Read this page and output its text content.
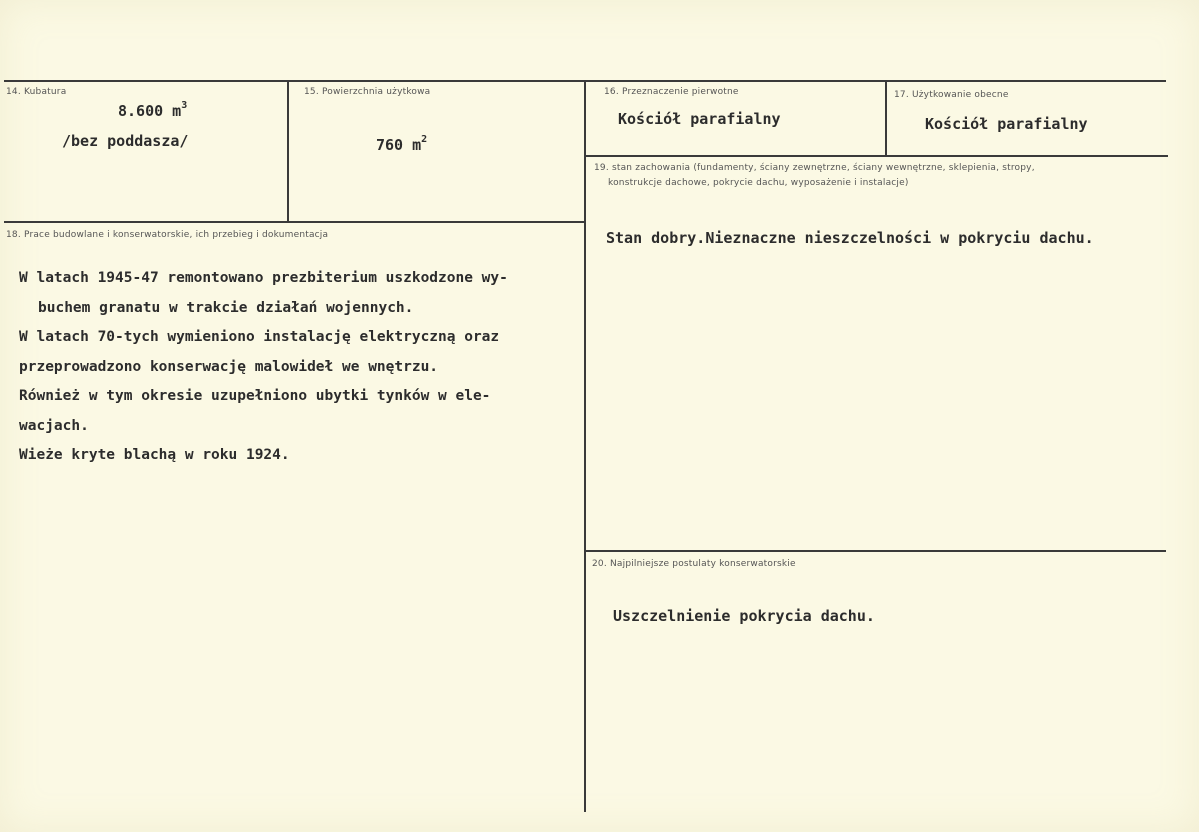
14. Kubatura
8.600 $m^3$
/bez poddasza/
15. Powierzchnia użytkowa
760 $m^2$
16. Przeznaczenie pierwotne
Kościół parafialny
17. Użytkowanie obecne
Kościół parafialny
18. Prace budowlane i konserwatorskie, ich przebieg i dokumentacja
W latach 1945-47 remontowano prezbiterium uszkodzone wy-
buchem granatu w trakcie działań wojennych.
W latach 70-tych wymieniono instalację elektryczną oraz
przeprowadzono konserwację malowideł we wnętrzu.
Również w tym okresie uzupełniono ubytki tynków w ele-
wacjach.
Wieże kryte blachą w roku 1924.
19. stan zachowania (fundamenty, ściany zewnętrzne, ściany wewnętrzne, sklepienia, stropy,
konstrukcje dachowe, pokrycie dachu, wyposażenie i instalacje)
Stan dobry.Nieznaczne nieszczelności w pokryciu dachu.
20. Najpilniejsze postulaty konserwatorskie
Uszczelnienie pokrycia dachu.
